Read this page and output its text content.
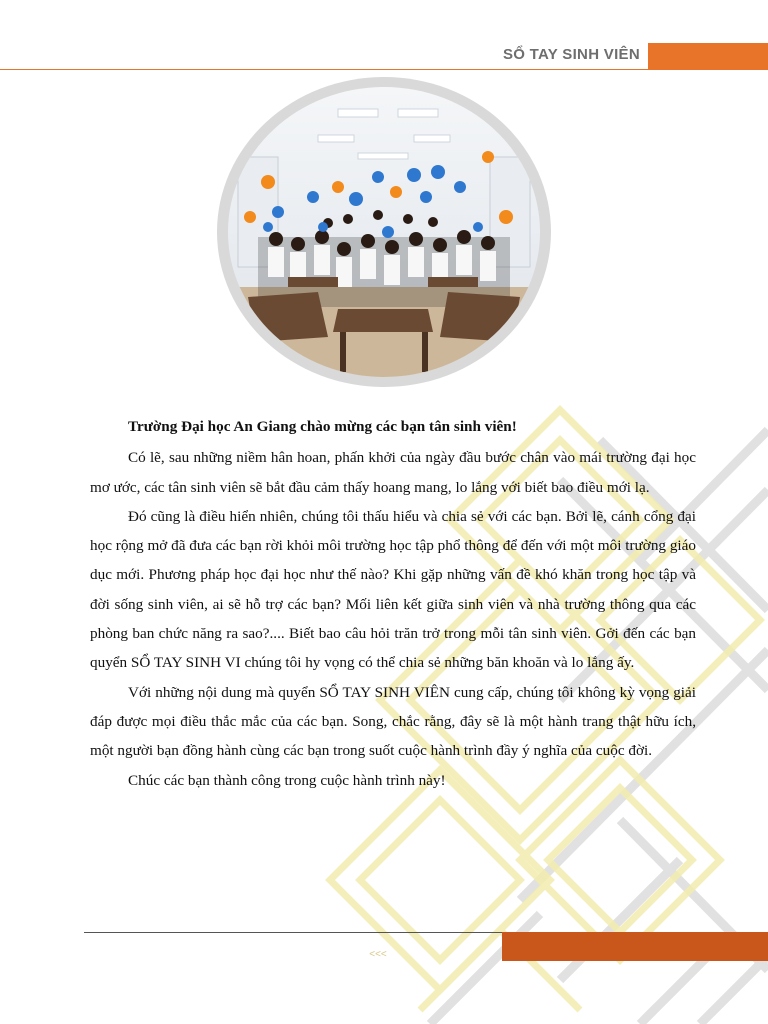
SỔ TAY SINH VIÊN

Trường Đại học An Giang chào mừng các bạn tân sinh viên!

Có lẽ, sau những niềm hân hoan, phấn khởi của ngày đầu bước chân vào mái trường đại học mơ ước, các tân sinh viên sẽ bắt đầu cảm thấy hoang mang, lo lắng với biết bao điều mới lạ.

Đó cũng là điều hiển nhiên, chúng tôi thấu hiểu và chia sẻ với các bạn. Bởi lẽ, cánh cổng đại học rộng mở đã đưa các bạn rời khỏi môi trường học tập phổ thông để đến với một môi trường giáo dục mới. Phương pháp học đại học như thế nào? Khi gặp những vấn đề khó khăn trong học tập và đời sống sinh viên, ai sẽ hỗ trợ các bạn? Mối liên kết giữa sinh viên và nhà trường thông qua các phòng ban chức năng ra sao?.... Biết bao câu hỏi trăn trở trong mỗi tân sinh viên. Gởi đến các bạn quyển SỔ TAY SINH VI chúng tôi hy vọng có thể chia sẻ những băn khoăn và lo lắng ấy.

Với những nội dung mà quyển SỔ TAY SINH VIÊN cung cấp, chúng tôi không kỳ vọng giải đáp được mọi điều thắc mắc của các bạn. Song, chắc rằng, đây sẽ là một hành trang thật hữu ích, một người bạn đồng hành cùng các bạn trong suốt cuộc hành trình đầy ý nghĩa của cuộc đời.

Chúc các bạn thành công trong cuộc hành trình này!

<<<
